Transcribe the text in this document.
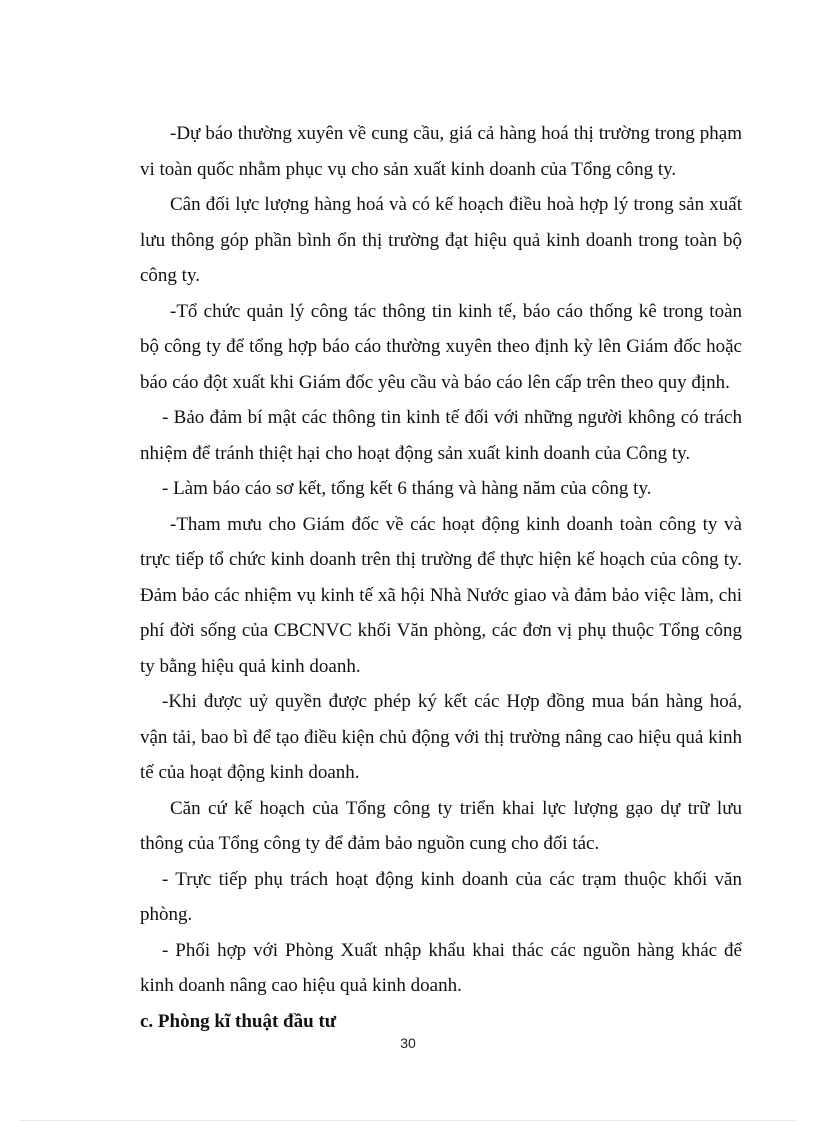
-Dự báo thường xuyên về cung cầu, giá cả hàng hoá thị trường trong phạm vi toàn quốc nhằm phục vụ cho sản xuất kinh doanh của Tổng công ty.

Cân đối lực lượng hàng hoá và có kế hoạch điều hoà hợp lý trong sản xuất lưu thông góp phần bình ổn thị trường đạt hiệu quả kinh doanh trong toàn bộ công ty.

-Tổ chức quản lý công tác thông tin kinh tế, báo cáo thống kê trong toàn bộ công ty để tổng hợp báo cáo thường xuyên theo định kỳ lên Giám đốc hoặc báo cáo đột xuất khi Giám đốc yêu cầu và báo cáo lên cấp trên theo quy định.

- Bảo đảm bí mật các thông tin kinh tế đối với những người không có trách nhiệm để tránh thiệt hại cho hoạt động sản xuất kinh doanh của Công ty.

- Làm báo cáo sơ kết, tổng kết 6 tháng và hàng năm của công ty.

-Tham mưu cho Giám đốc về các hoạt động kinh doanh toàn công ty và trực tiếp tổ chức kinh doanh trên thị trường để thực hiện kế hoạch của công ty. Đảm bảo các nhiệm vụ kinh tế xã hội Nhà Nước giao và đảm bảo việc làm, chi phí đời sống của CBCNVC khối Văn phòng, các đơn vị phụ thuộc Tổng công ty bằng hiệu quả kinh doanh.

-Khi được uỷ quyền được phép ký kết các Hợp đồng mua bán hàng hoá, vận tải, bao bì để tạo điều kiện chủ động với thị trường nâng cao hiệu quả kinh tế của hoạt động kinh doanh.

Căn cứ kế hoạch của Tổng công ty triển khai lực lượng gạo dự trữ lưu thông của Tổng công ty để đảm bảo nguồn cung cho đối tác.

- Trực tiếp phụ trách hoạt động kinh doanh của các trạm thuộc khối văn phòng.

- Phối hợp với Phòng Xuất nhập khẩu khai thác các nguồn hàng khác để kinh doanh nâng cao hiệu quả kinh doanh.

c. Phòng kĩ thuật đầu tư

30
